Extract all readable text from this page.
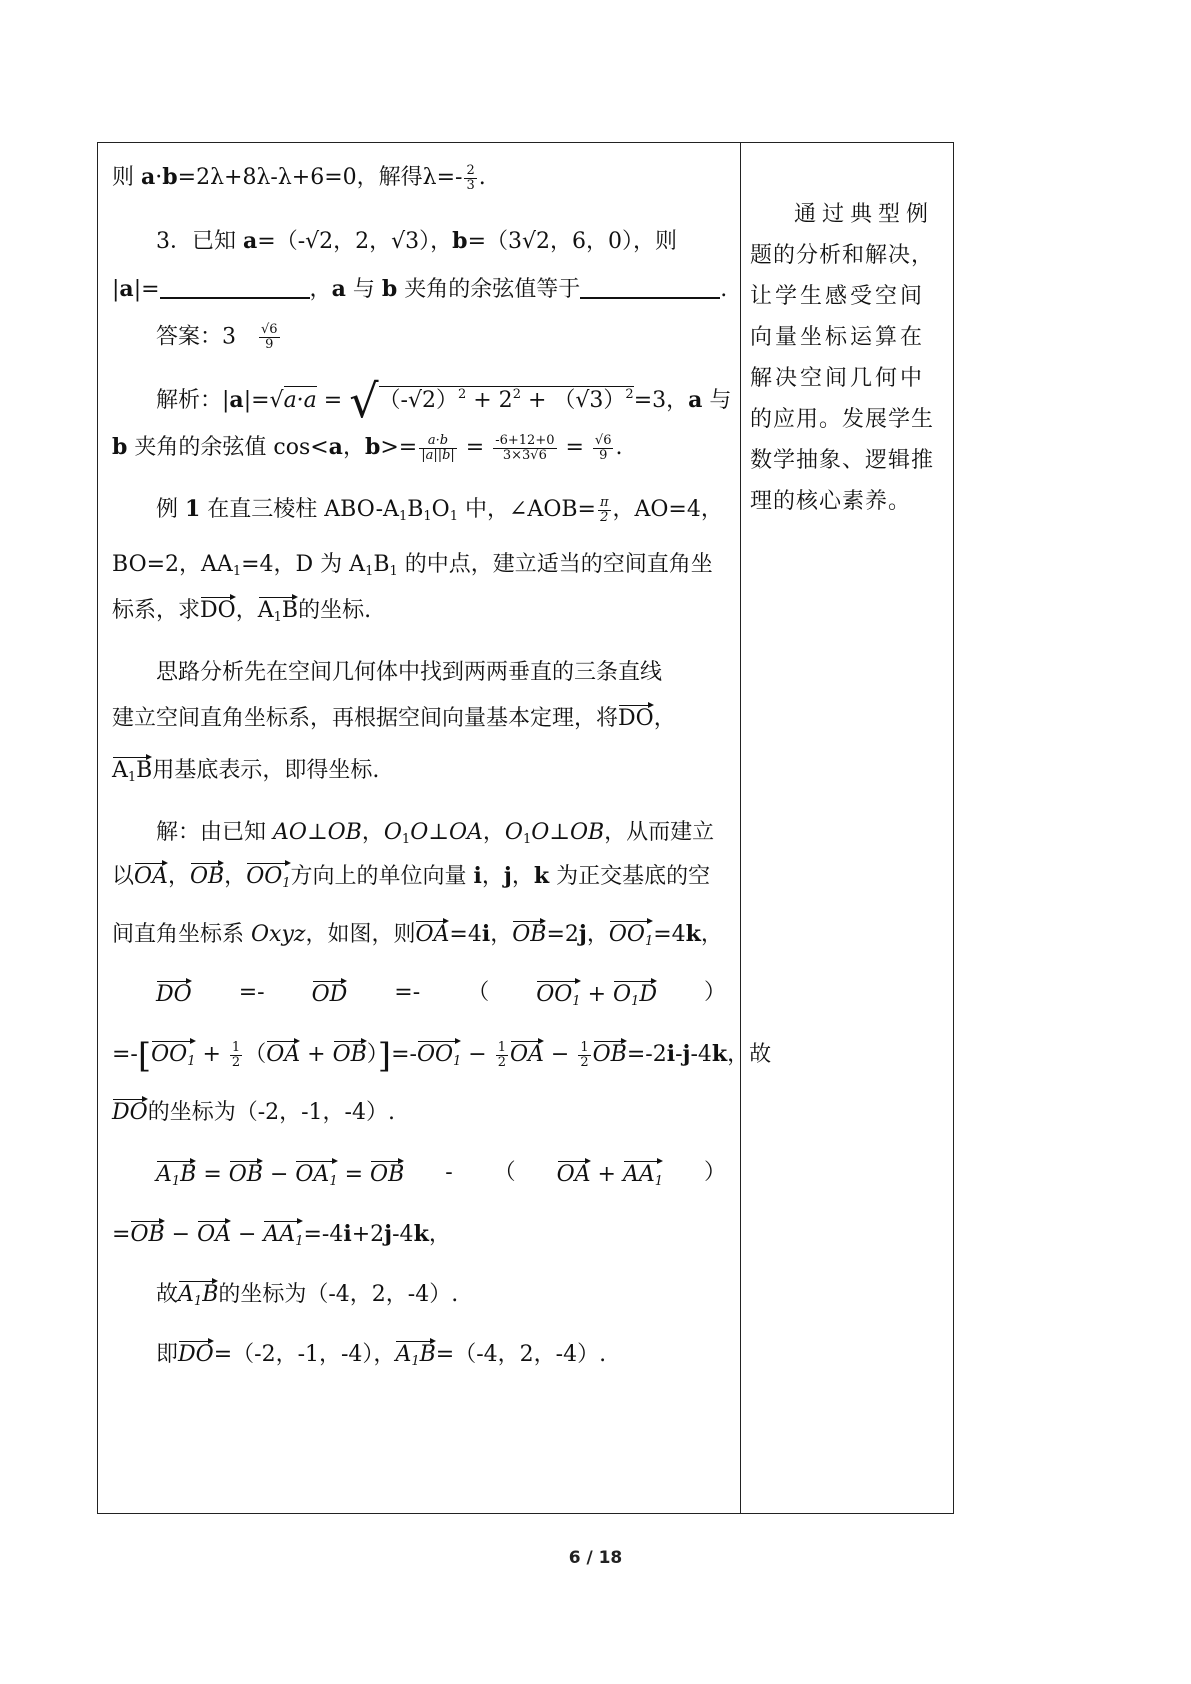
则 a·b=2λ+8λ-λ+6=0，解得$\lambda=- \frac{2}{3}$ .
3．已知 a=（-√2，2，√3），b=（3√2，6，0），则
|a|=	，a 与 b 夹角的余弦值等于	.
答案：$3 \frac{√6}{9}$
解析：$|a|=√a\cdot a = √(-√2)^2 + 2^2 + (√3)^2=3$，a 与
b 夹角的余弦值 cos<a，$b>= \frac{a\cdot b}{|a||b|} = \frac{-6+12+0}{3\times 3√6} = \frac{√6}{9}$ .
例 1 在直三棱柱 ABO-$A_1B_1O_1$ 中，∠AOB= $\frac{\pi}{2}$ ，AO=4，
BO=2，$AA_1=4$，D 为 $A_1B_1$ 的中点，建立适当的空间直角坐
标系，求DO，$A_1B$的坐标.
思路分析先在空间几何体中找到两两垂直的三条直线
建立空间直角坐标系，再根据空间向量基本定理，将DO，
$A_1B$用基底表示，即得坐标.
解：由已知 AO⊥OB，$O_1O\perp OA$，$O_1O\perp OB$，从而建立
以OA，OB，$OO_1$方向上的单位向量 i，j，k 为正交基底的空
间直角坐标系 Oxyz，如图，则OA=4i，OB=2j，$OO_1=4k$，
DO =- OD =- （ $OO_1 + O_1D$ ）
$=-[OO_1 + \frac{1}{2} (OA + OB)]=-OO_1 - \frac{1}{2}$ OA − $\frac{1}{2} OB=-2i-j-4k$，故
DO的坐标为（-2，-1，-4）.
$A_1B$ = OB − $OA_1$ = OB - （ OA + $AA_1$ ）
=OB − OA − $AA_1=-4i+2j-4k$，
故$A_1B$的坐标为（-4，2，-4）.
即DO=（-2，-1，-4），$A_1B=(-4$，2，-4）.
通过典型例
题的分析和解决，
让学生感受空间
向量坐标运算在
解决空间几何中
的应用。发展学生
数学抽象、逻辑推
理的核心素养。
6 / 18
